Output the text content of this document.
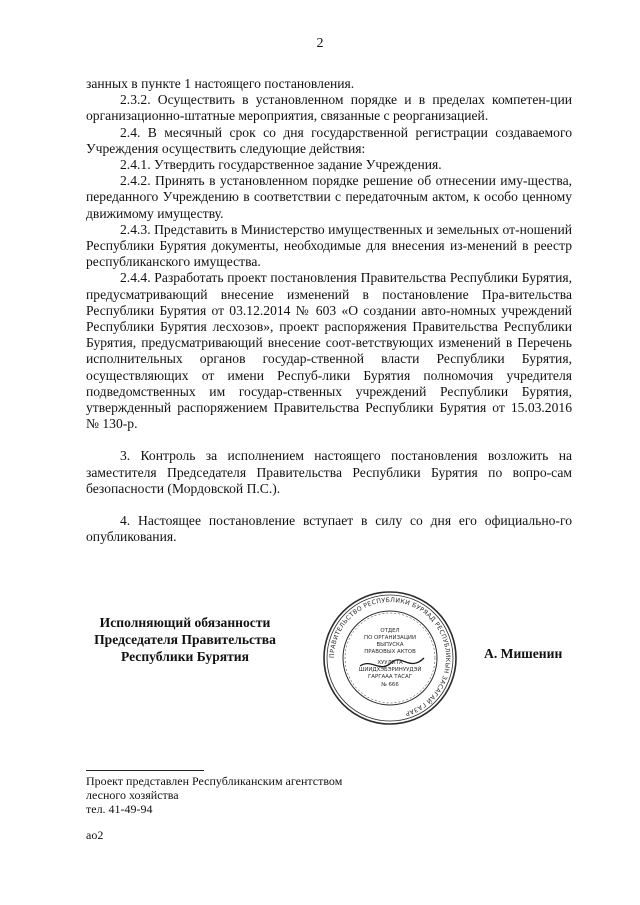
2

занных в пункте 1 настоящего постановления.

2.3.2. Осуществить в установленном порядке и в пределах компетен-ции организационно-штатные мероприятия, связанные с реорганизацией.

2.4. В месячный срок со дня государственной регистрации создаваемого Учреждения осуществить следующие действия:

2.4.1. Утвердить государственное задание Учреждения.

2.4.2. Принять в установленном порядке решение об отнесении иму-щества, переданного Учреждению в соответствии с передаточным актом, к особо ценному движимому имуществу.

2.4.3. Представить в Министерство имущественных и земельных от-ношений Республики Бурятия документы, необходимые для внесения из-менений в реестр республиканского имущества.

2.4.4. Разработать проект постановления Правительства Республики Бурятия, предусматривающий внесение изменений в постановление Пра-вительства Республики Бурятия от 03.12.2014 № 603 «О создании авто-номных учреждений Республики Бурятия лесхозов», проект распоряжения Правительства Республики Бурятия, предусматривающий внесение соот-ветствующих изменений в Перечень исполнительных органов государ-ственной власти Республики Бурятия, осуществляющих от имени Респуб-лики Бурятия полномочия учредителя подведомственных им государ-ственных учреждений Республики Бурятия, утвержденный распоряжением Правительства Республики Бурятия от 15.03.2016 № 130-р.

3. Контроль за исполнением настоящего постановления возложить на заместителя Председателя Правительства Республики Бурятия по вопро-сам безопасности (Мордовской П.С.).

4. Настоящее постановление вступает в силу со дня его официально-го опубликования.

Исполняющий обязанности
Председателя Правительства
Республики Бурятия	ПРАВИТЕЛЬСТВО РЕСПУБЛИКИ БУРЯАД РЕСПУБЛИКЫН ЗАСАГАЙ ГАЗАР
ОТДЕЛ
ПО ОРГАНИЗАЦИИ
ВЫПУСКА
ПРАВОВЫХ АКТОВ
ХУУЛИТА
ШИИДХЭБЭРИНУУДЭЙ
ГАРГААА ТАСАГ
№ 666
А. Мишенин
Проект представлен Республиканским агентством
лесного хозяйства
тел. 41-49-94
ао2
